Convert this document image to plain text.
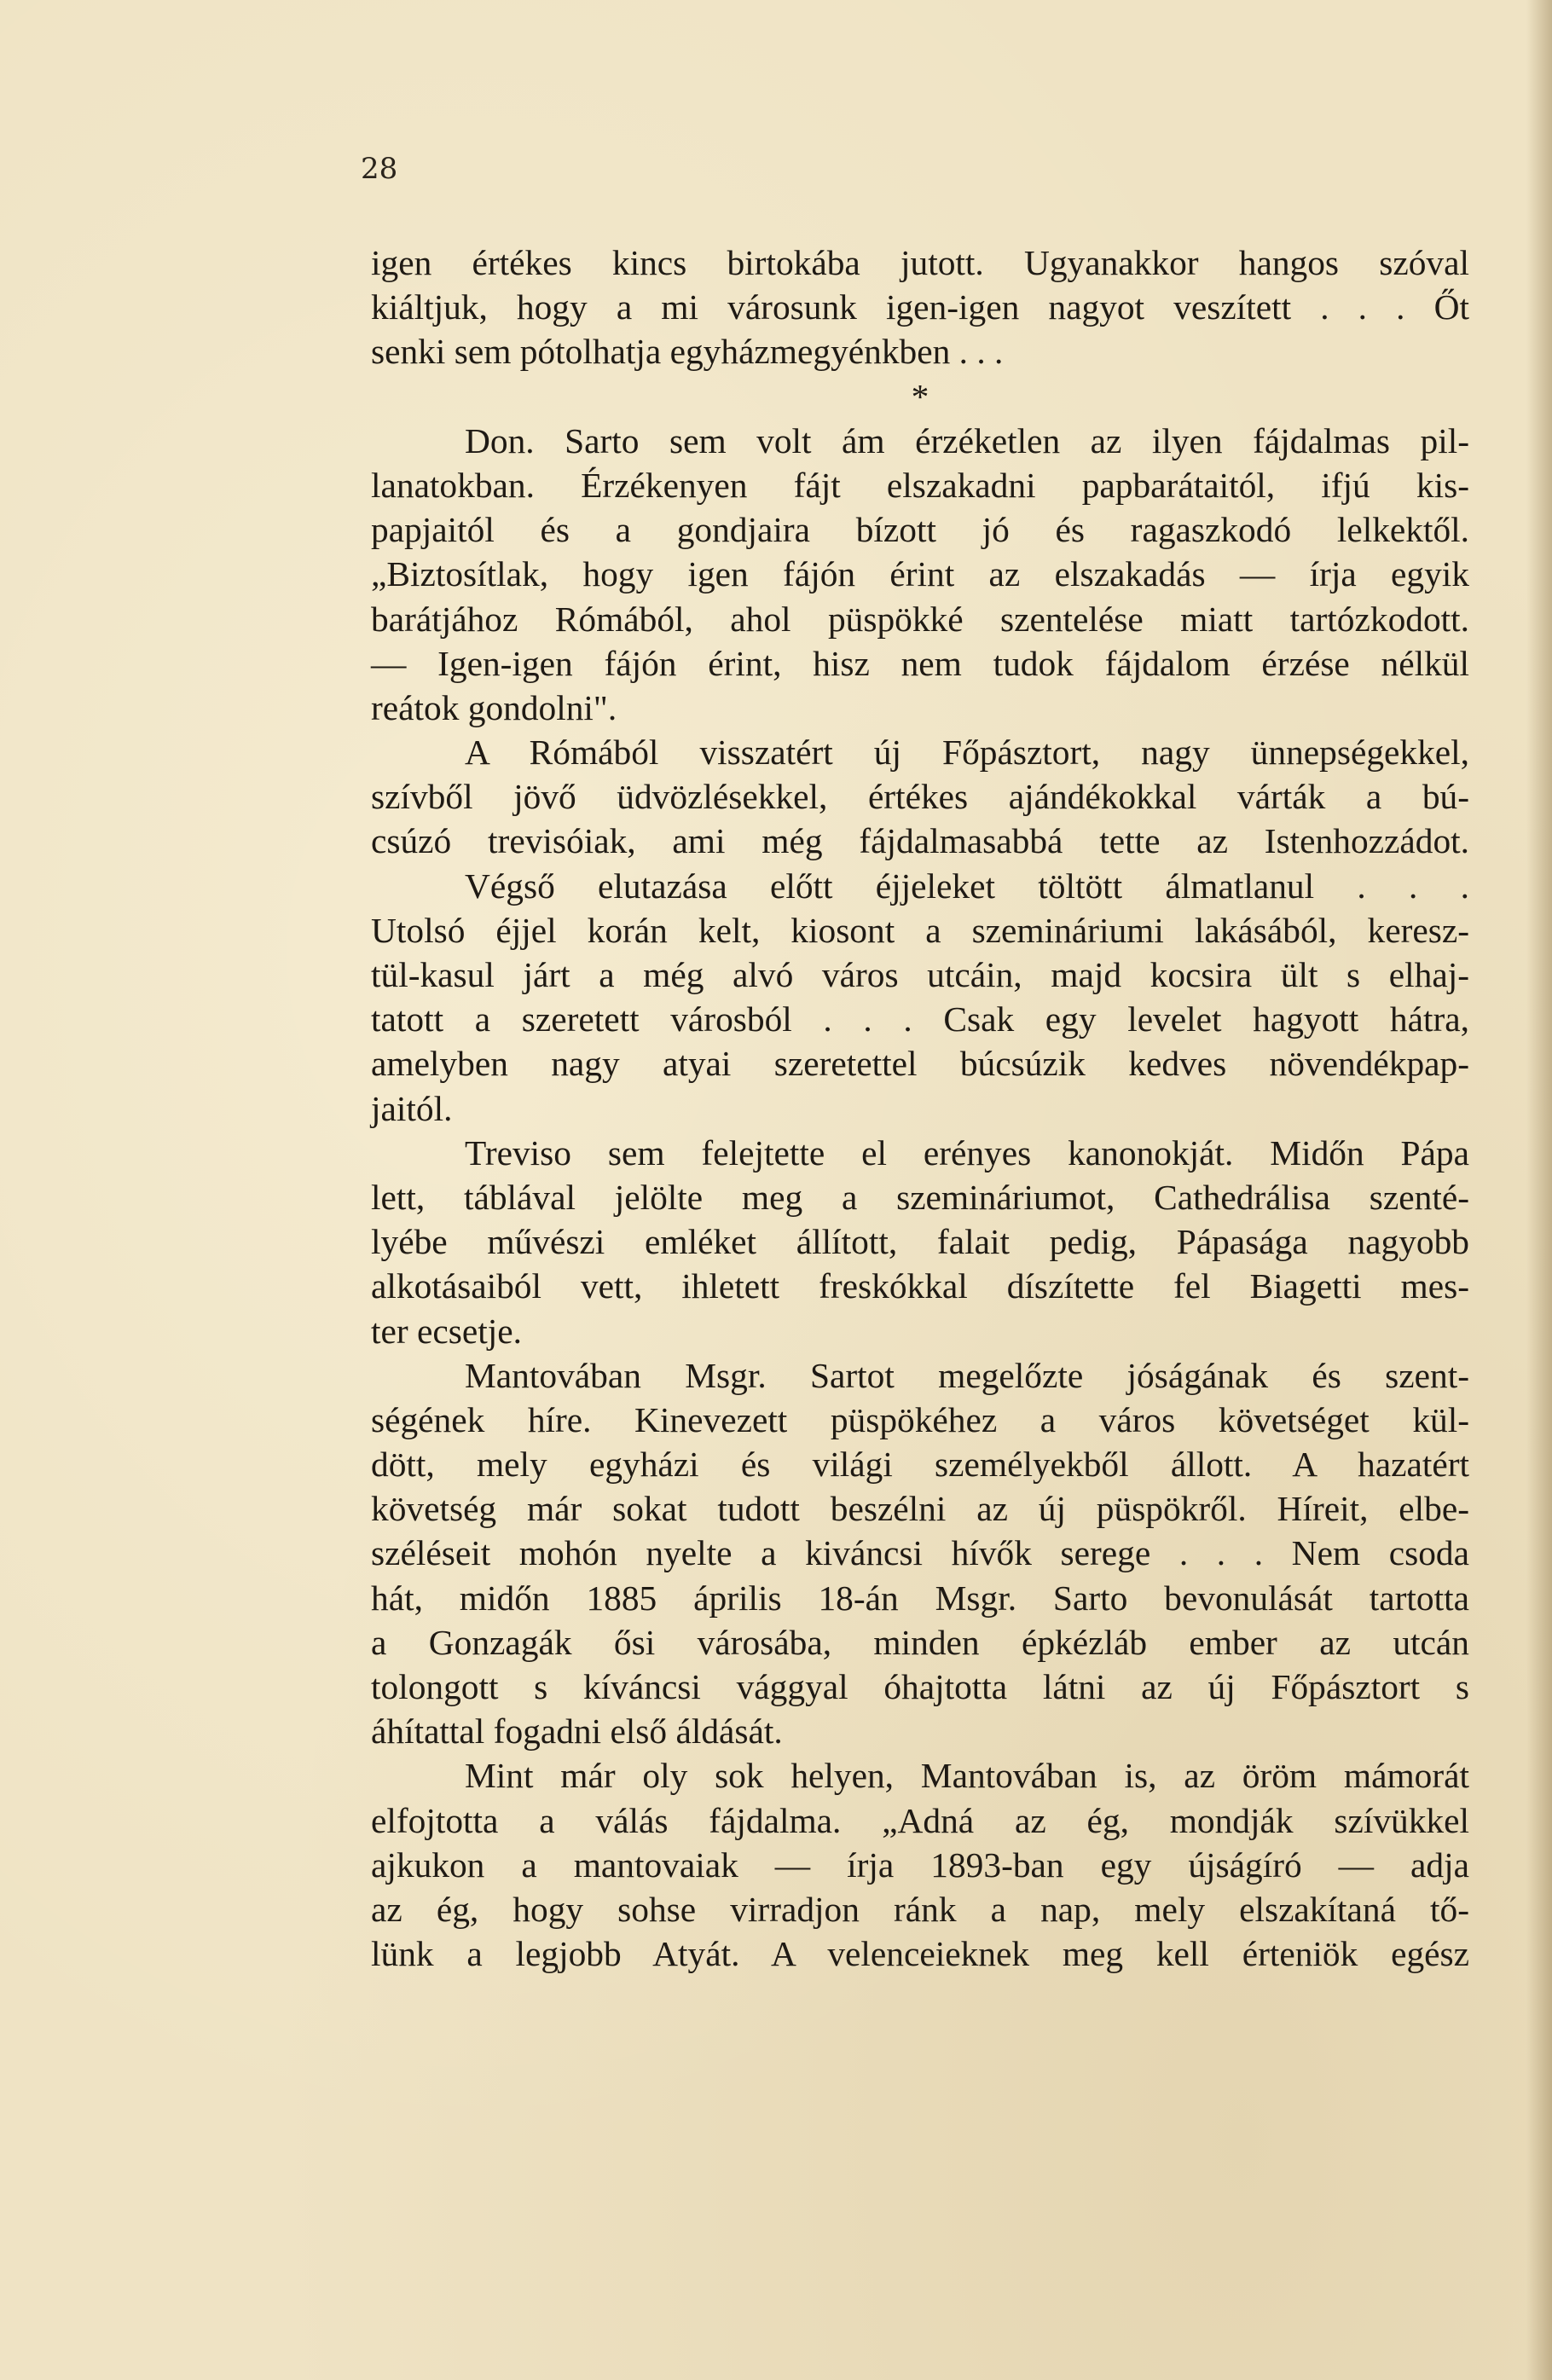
28
igen értékes kincs birtokába jutott. Ugyanakkor hangos szóval
kiáltjuk, hogy a mi városunk igen-igen nagyot veszített . . . Őt
senki sem pótolhatja egyházmegyénkben . . .
*
Don. Sarto sem volt ám érzéketlen az ilyen fájdalmas pil-
lanatokban. Érzékenyen fájt elszakadni papbarátaitól, ifjú kis-
papjaitól és a gondjaira bízott jó és ragaszkodó lelkektől.
„Biztosítlak, hogy igen fájón érint az elszakadás — írja egyik
barátjához Rómából, ahol püspökké szentelése miatt tartózkodott.
— Igen-igen fájón érint, hisz nem tudok fájdalom érzése nélkül
reátok gondolni".
A Rómából visszatért új Főpásztort, nagy ünnepségekkel,
szívből jövő üdvözlésekkel, értékes ajándékokkal várták a bú-
csúzó trevisóiak, ami még fájdalmasabbá tette az Istenhozzádot.
Végső elutazása előtt éjjeleket töltött álmatlanul . . .
Utolsó éjjel korán kelt, kiosont a szemináriumi lakásából, keresz-
tül-kasul járt a még alvó város utcáin, majd kocsira ült s elhaj-
tatott a szeretett városból . . . Csak egy levelet hagyott hátra,
amelyben nagy atyai szeretettel búcsúzik kedves növendékpap-
jaitól.
Treviso sem felejtette el erényes kanonokját. Midőn Pápa
lett, táblával jelölte meg a szemináriumot, Cathedrálisa szenté-
lyébe művészi emléket állított, falait pedig, Pápasága nagyobb
alkotásaiból vett, ihletett freskókkal díszítette fel Biagetti mes-
ter ecsetje.
Mantovában Msgr. Sartot megelőzte jóságának és szent-
ségének híre. Kinevezett püspökéhez a város követséget kül-
dött, mely egyházi és világi személyekből állott. A hazatért
követség már sokat tudott beszélni az új püspökről. Híreit, elbe-
széléseit mohón nyelte a kiváncsi hívők serege . . . Nem csoda
hát, midőn 1885 április 18-án Msgr. Sarto bevonulását tartotta
a Gonzagák ősi városába, minden épkézláb ember az utcán
tolongott s kíváncsi vággyal óhajtotta látni az új Főpásztort s
áhítattal fogadni első áldását.
Mint már oly sok helyen, Mantovában is, az öröm mámorát
elfojtotta a válás fájdalma. „Adná az ég, mondják szívükkel
ajkukon a mantovaiak — írja 1893-ban egy újságíró — adja
az ég, hogy sohse virradjon ránk a nap, mely elszakítaná tő-
lünk a legjobb Atyát. A velenceieknek meg kell érteniök egész
